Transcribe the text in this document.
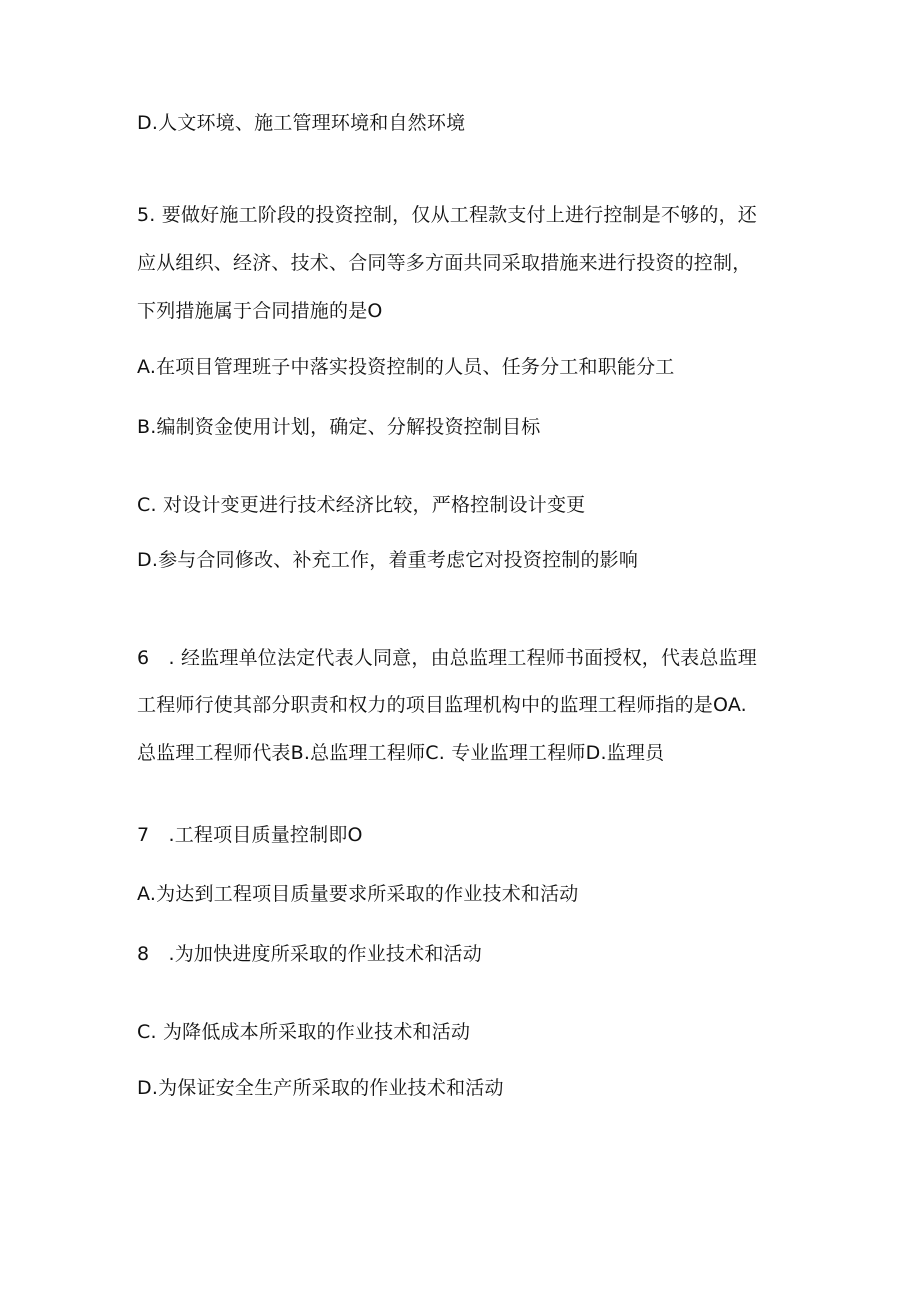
D.人文环境、施工管理环境和自然环境
5. 要做好施工阶段的投资控制，仅从工程款支付上进行控制是不够的，还
应从组织、经济、技术、合同等多方面共同采取措施来进行投资的控制，
下列措施属于合同措施的是O
A.在项目管理班子中落实投资控制的人员、任务分工和职能分工
B.编制资金使用计划，确定、分解投资控制目标
C. 对设计变更进行技术经济比较，严格控制设计变更
D.参与合同修改、补充工作，着重考虑它对投资控制的影响
6　. 经监理单位法定代表人同意，由总监理工程师书面授权，代表总监理
工程师行使其部分职责和权力的项目监理机构中的监理工程师指的是OA.
总监理工程师代表B.总监理工程师C. 专业监理工程师D.监理员
7　.工程项目质量控制即O
A.为达到工程项目质量要求所采取的作业技术和活动
8　.为加快进度所采取的作业技术和活动
C. 为降低成本所采取的作业技术和活动
D.为保证安全生产所采取的作业技术和活动
